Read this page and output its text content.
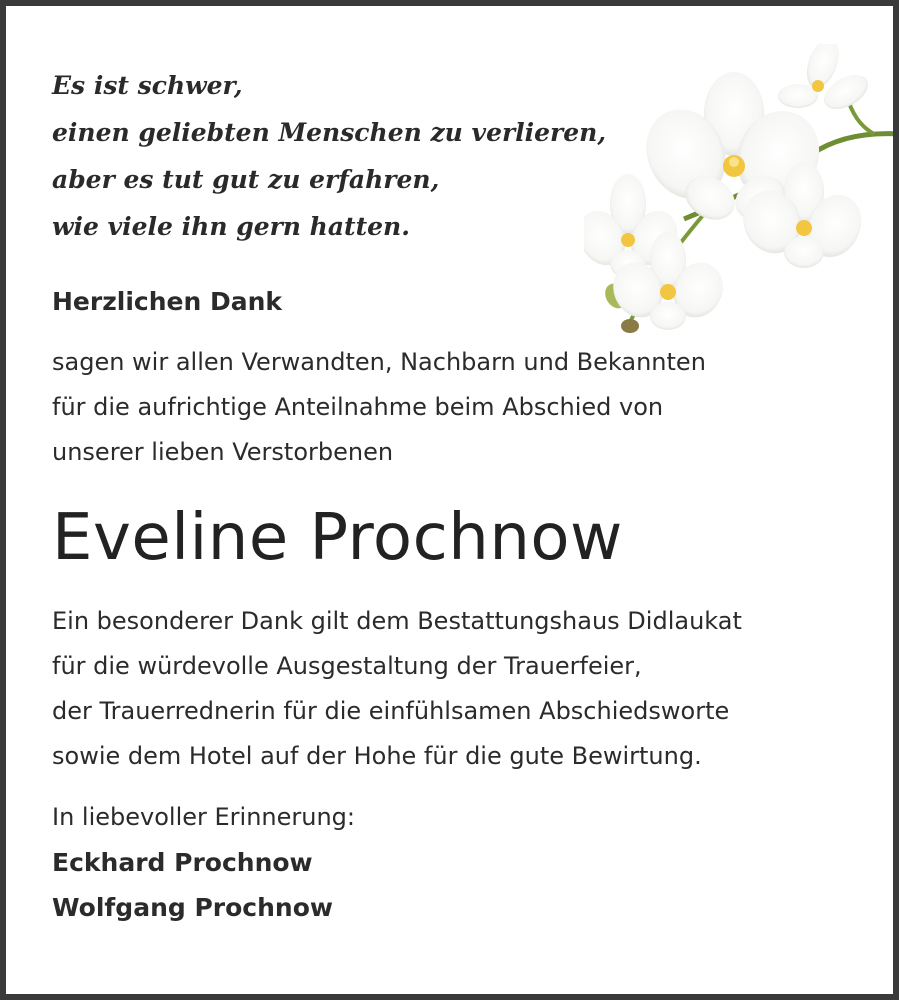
Es ist schwer,
einen geliebten Menschen zu verlieren,
aber es tut gut zu erfahren,
wie viele ihn gern hatten.
Herzlichen Dank
sagen wir allen Verwandten, Nachbarn und Bekannten
für die aufrichtige Anteilnahme beim Abschied von
unserer lieben Verstorbenen
Eveline Prochnow
Ein besonderer Dank gilt dem Bestattungshaus Didlaukat
für die würdevolle Ausgestaltung der Trauerfeier,
der Trauerrednerin für die einfühlsamen Abschiedsworte
sowie dem Hotel auf der Hohe für die gute Bewirtung.
In liebevoller Erinnerung:
Eckhard Prochnow
Wolfgang Prochnow
